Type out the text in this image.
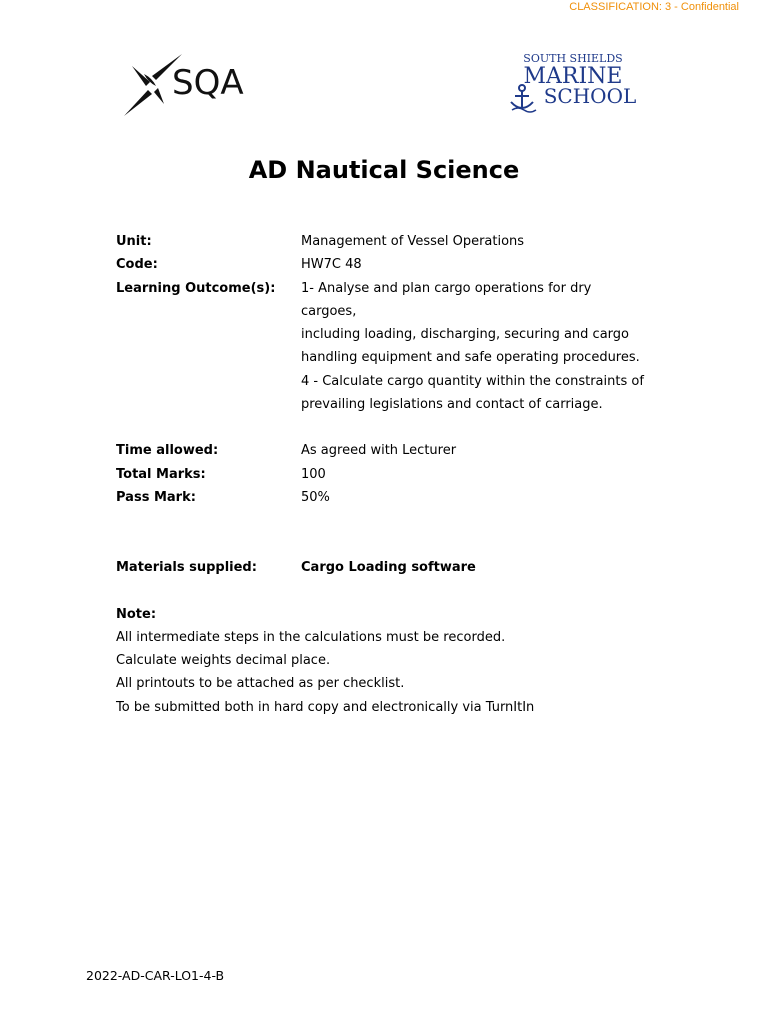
CLASSIFICATION: 3 - Confidential
SQA
SOUTH SHIELDS
MARINE
SCHOOL
AD Nautical Science
Unit:	Management of Vessel Operations
Code:	HW7C 48
Learning Outcome(s):	1- Analyse and plan cargo operations for dry cargoes,
including loading, discharging, securing and cargo
handling equipment and safe operating procedures.
4 - Calculate cargo quantity within the constraints of
prevailing legislations and contact of carriage.
Time allowed:	As agreed with Lecturer
Total Marks:	100
Pass Mark:	50%
Materials supplied:	Cargo Loading software
Note:
All intermediate steps in the calculations must be recorded.
Calculate weights decimal place.
All printouts to be attached as per checklist.
To be submitted both in hard copy and electronically via TurnItIn
2022-AD-CAR-LO1-4-B
